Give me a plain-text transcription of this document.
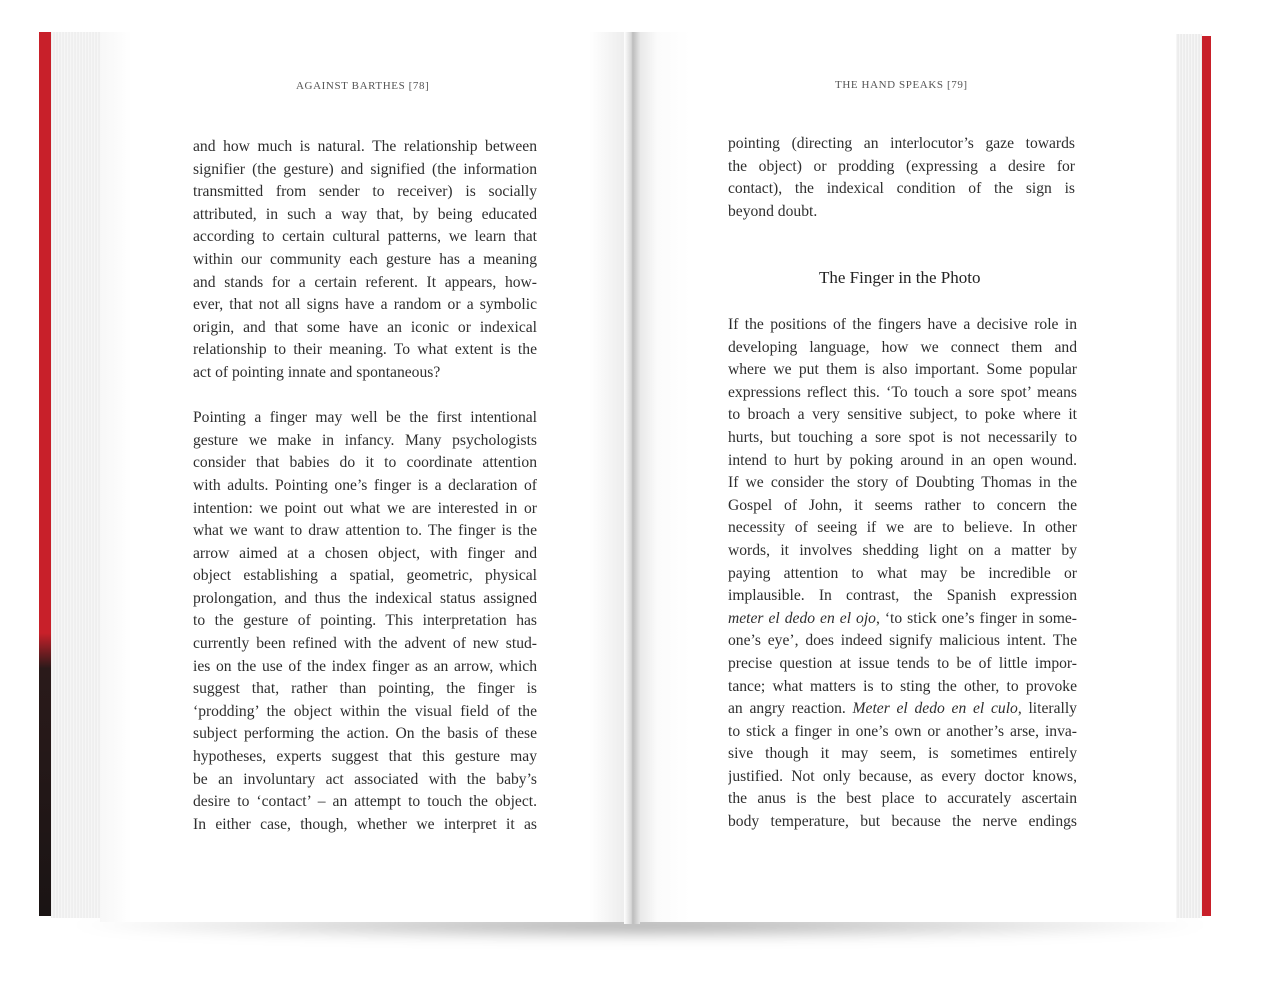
AGAINST BARTHES [78]
and how much is natural. The relationship between
signifier (the gesture) and signified (the information
transmitted from sender to receiver) is socially
attributed, in such a way that, by being educated
according to certain cultural patterns, we learn that
within our community each gesture has a meaning
and stands for a certain referent. It appears, how-
ever, that not all signs have a random or a symbolic
origin, and that some have an iconic or indexical
relationship to their meaning. To what extent is the
act of pointing innate and spontaneous?
Pointing a finger may well be the first intentional
gesture we make in infancy. Many psychologists
consider that babies do it to coordinate attention
with adults. Pointing one’s finger is a declaration of
intention: we point out what we are interested in or
what we want to draw attention to. The finger is the
arrow aimed at a chosen object, with finger and
object establishing a spatial, geometric, physical
prolongation, and thus the indexical status assigned
to the gesture of pointing. This interpretation has
currently been refined with the advent of new stud-
ies on the use of the index finger as an arrow, which
suggest that, rather than pointing, the finger is
‘prodding’ the object within the visual field of the
subject performing the action. On the basis of these
hypotheses, experts suggest that this gesture may
be an involuntary act associated with the baby’s
desire to ‘contact’ – an attempt to touch the object.
In either case, though, whether we interpret it as
THE HAND SPEAKS [79]
pointing (directing an interlocutor’s gaze towards
the object) or prodding (expressing a desire for
contact), the indexical condition of the sign is
beyond doubt.
The Finger in the Photo
If the positions of the fingers have a decisive role in
developing language, how we connect them and
where we put them is also important. Some popular
expressions reflect this. ‘To touch a sore spot’ means
to broach a very sensitive subject, to poke where it
hurts, but touching a sore spot is not necessarily to
intend to hurt by poking around in an open wound.
If we consider the story of Doubting Thomas in the
Gospel of John, it seems rather to concern the
necessity of seeing if we are to believe. In other
words, it involves shedding light on a matter by
paying attention to what may be incredible or
implausible. In contrast, the Spanish expression
meter el dedo en el ojo, ‘to stick one’s finger in some-
one’s eye’, does indeed signify malicious intent. The
precise question at issue tends to be of little impor-
tance; what matters is to sting the other, to provoke
an angry reaction. Meter el dedo en el culo, literally
to stick a finger in one’s own or another’s arse, inva-
sive though it may seem, is sometimes entirely
justified. Not only because, as every doctor knows,
the anus is the best place to accurately ascertain
body temperature, but because the nerve endings
